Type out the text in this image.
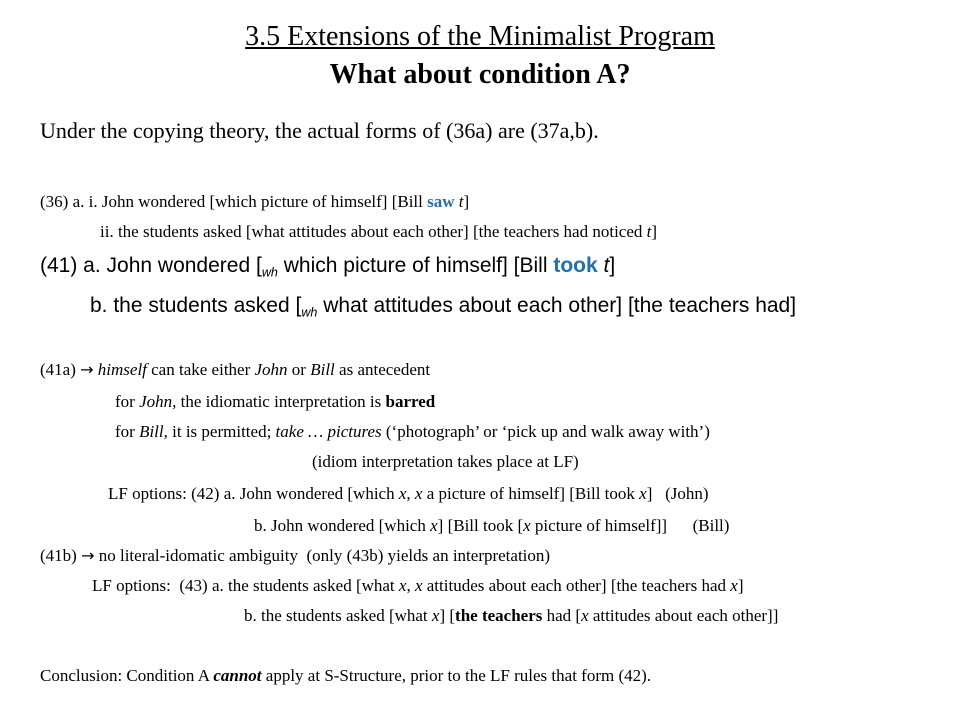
3.5 Extensions of the Minimalist Program
What about condition A?
Under the copying theory, the actual forms of (36a) are (37a,b).
(36) a. i. John wondered [which picture of himself] [Bill saw t]
ii. the students asked [what attitudes about each other] [the teachers had noticed t]
(41) a. John wondered [$_{wh}$ which picture of himself] [Bill took t]
b. the students asked [$_{wh}$ what attitudes about each other] [the teachers had]
(41a) → himself can take either John or Bill as antecedent
for John, the idiomatic interpretation is barred
for Bill, it is permitted; take … pictures (‘photograph’ or ‘pick up and walk away with’)
(idiom interpretation takes place at LF)
LF options: (42) a. John wondered [which x, x a picture of himself] [Bill took x]   (John)
b. John wondered [which x] [Bill took [x picture of himself]]      (Bill)
(41b) → no literal-idomatic ambiguity  (only (43b) yields an interpretation)
LF options:  (43) a. the students asked [what x, x attitudes about each other] [the teachers had x]
b. the students asked [what x] [the teachers had [x attitudes about each other]]
Conclusion: Condition A cannot apply at S-Structure, prior to the LF rules that form (42).
